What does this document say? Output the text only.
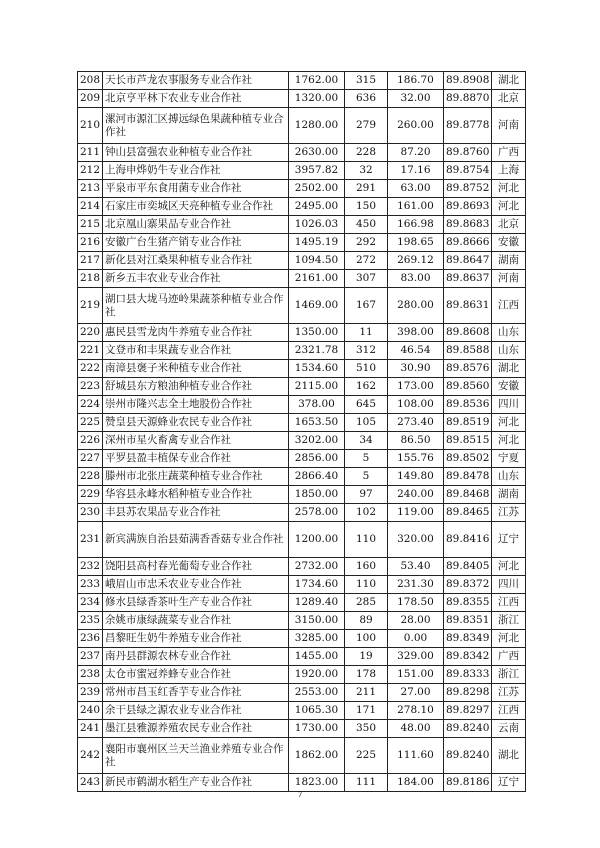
208	天长市芦龙农事服务专业合作社	1762.00	315	186.70	89.8908	湖北
209	北京亨平林下农业专业合作社	1320.00	636	32.00	89.8870	北京
210	漯河市源汇区搏远绿色果蔬种植专业合作社	1280.00	279	260.00	89.8778	河南
211	钟山县富强农业种植专业合作社	2630.00	228	87.20	89.8760	广西
212	上海申烨奶牛专业合作社	3957.82	32	17.16	89.8754	上海
213	平泉市平东食用菌专业合作社	2502.00	291	63.00	89.8752	河北
214	石家庄市奕城区天亮种植专业合作社	2495.00	150	161.00	89.8693	河北
215	北京凰山寨果品专业合作社	1026.03	450	166.98	89.8683	北京
216	安徽广台生猪产销专业合作社	1495.19	292	198.65	89.8666	安徽
217	新化县对江桑果种植专业合作社	1094.50	272	269.12	89.8647	湖南
218	新乡五丰农业专业合作社	2161.00	307	83.00	89.8637	河南
219	湖口县大垅马迹岭果蔬茶种植专业合作社	1469.00	167	280.00	89.8631	江西
220	惠民县雪龙肉牛养殖专业合作社	1350.00	11	398.00	89.8608	山东
221	文登市和丰果蔬专业合作社	2321.78	312	46.54	89.8588	山东
222	南漳县褒子米种植专业合作社	1534.60	510	30.90	89.8576	湖北
223	舒城县东方粮油种植专业合作社	2115.00	162	173.00	89.8560	安徽
224	崇州市隆兴志全土地股份合作社	378.00	645	108.00	89.8536	四川
225	赞皇县天源蜂业农民专业合作社	1653.50	105	273.40	89.8519	河北
226	深州市星火畜禽专业合作社	3202.00	34	86.50	89.8515	河北
227	平罗县盈丰植保专业合作社	2856.00	5	155.76	89.8502	宁夏
228	滕州市北张庄蔬菜种植专业合作社	2866.40	5	149.80	89.8478	山东
229	华容县永峰水稻种植专业合作社	1850.00	97	240.00	89.8468	湖南
230	丰县苏农果品专业合作社	2578.00	102	119.00	89.8465	江苏
231	新宾满族自治县茹满香香菇专业合作社	1200.00	110	320.00	89.8416	辽宁
232	饶阳县高村春光葡萄专业合作社	2732.00	160	53.40	89.8405	河北
233	峨眉山市忠禾农业专业合作社	1734.60	110	231.30	89.8372	四川
234	修水县绿香茶叶生产专业合作社	1289.40	285	178.50	89.8355	江西
235	余姚市康绿蔬菜专业合作社	3150.00	89	28.00	89.8351	浙江
236	昌黎旺生奶牛养殖专业合作社	3285.00	100	0.00	89.8349	河北
237	南丹县群源农林专业合作社	1455.00	19	329.00	89.8342	广西
238	太仓市蜜冠养蜂专业合作社	1920.00	178	151.00	89.8333	浙江
239	常州市昌玉红香芋专业合作社	2553.00	211	27.00	89.8298	江苏
240	余干县绿之源农业专业合作社	1065.30	171	278.10	89.8297	江西
241	墨江县雅源养殖农民专业合作社	1730.00	350	48.00	89.8240	云南
242	襄阳市襄州区兰天兰渔业养殖专业合作社	1862.00	225	111.60	89.8240	湖北
243	新民市鹤湖水稻生产专业合作社	1823.00	111	184.00	89.8186	辽宁
7
